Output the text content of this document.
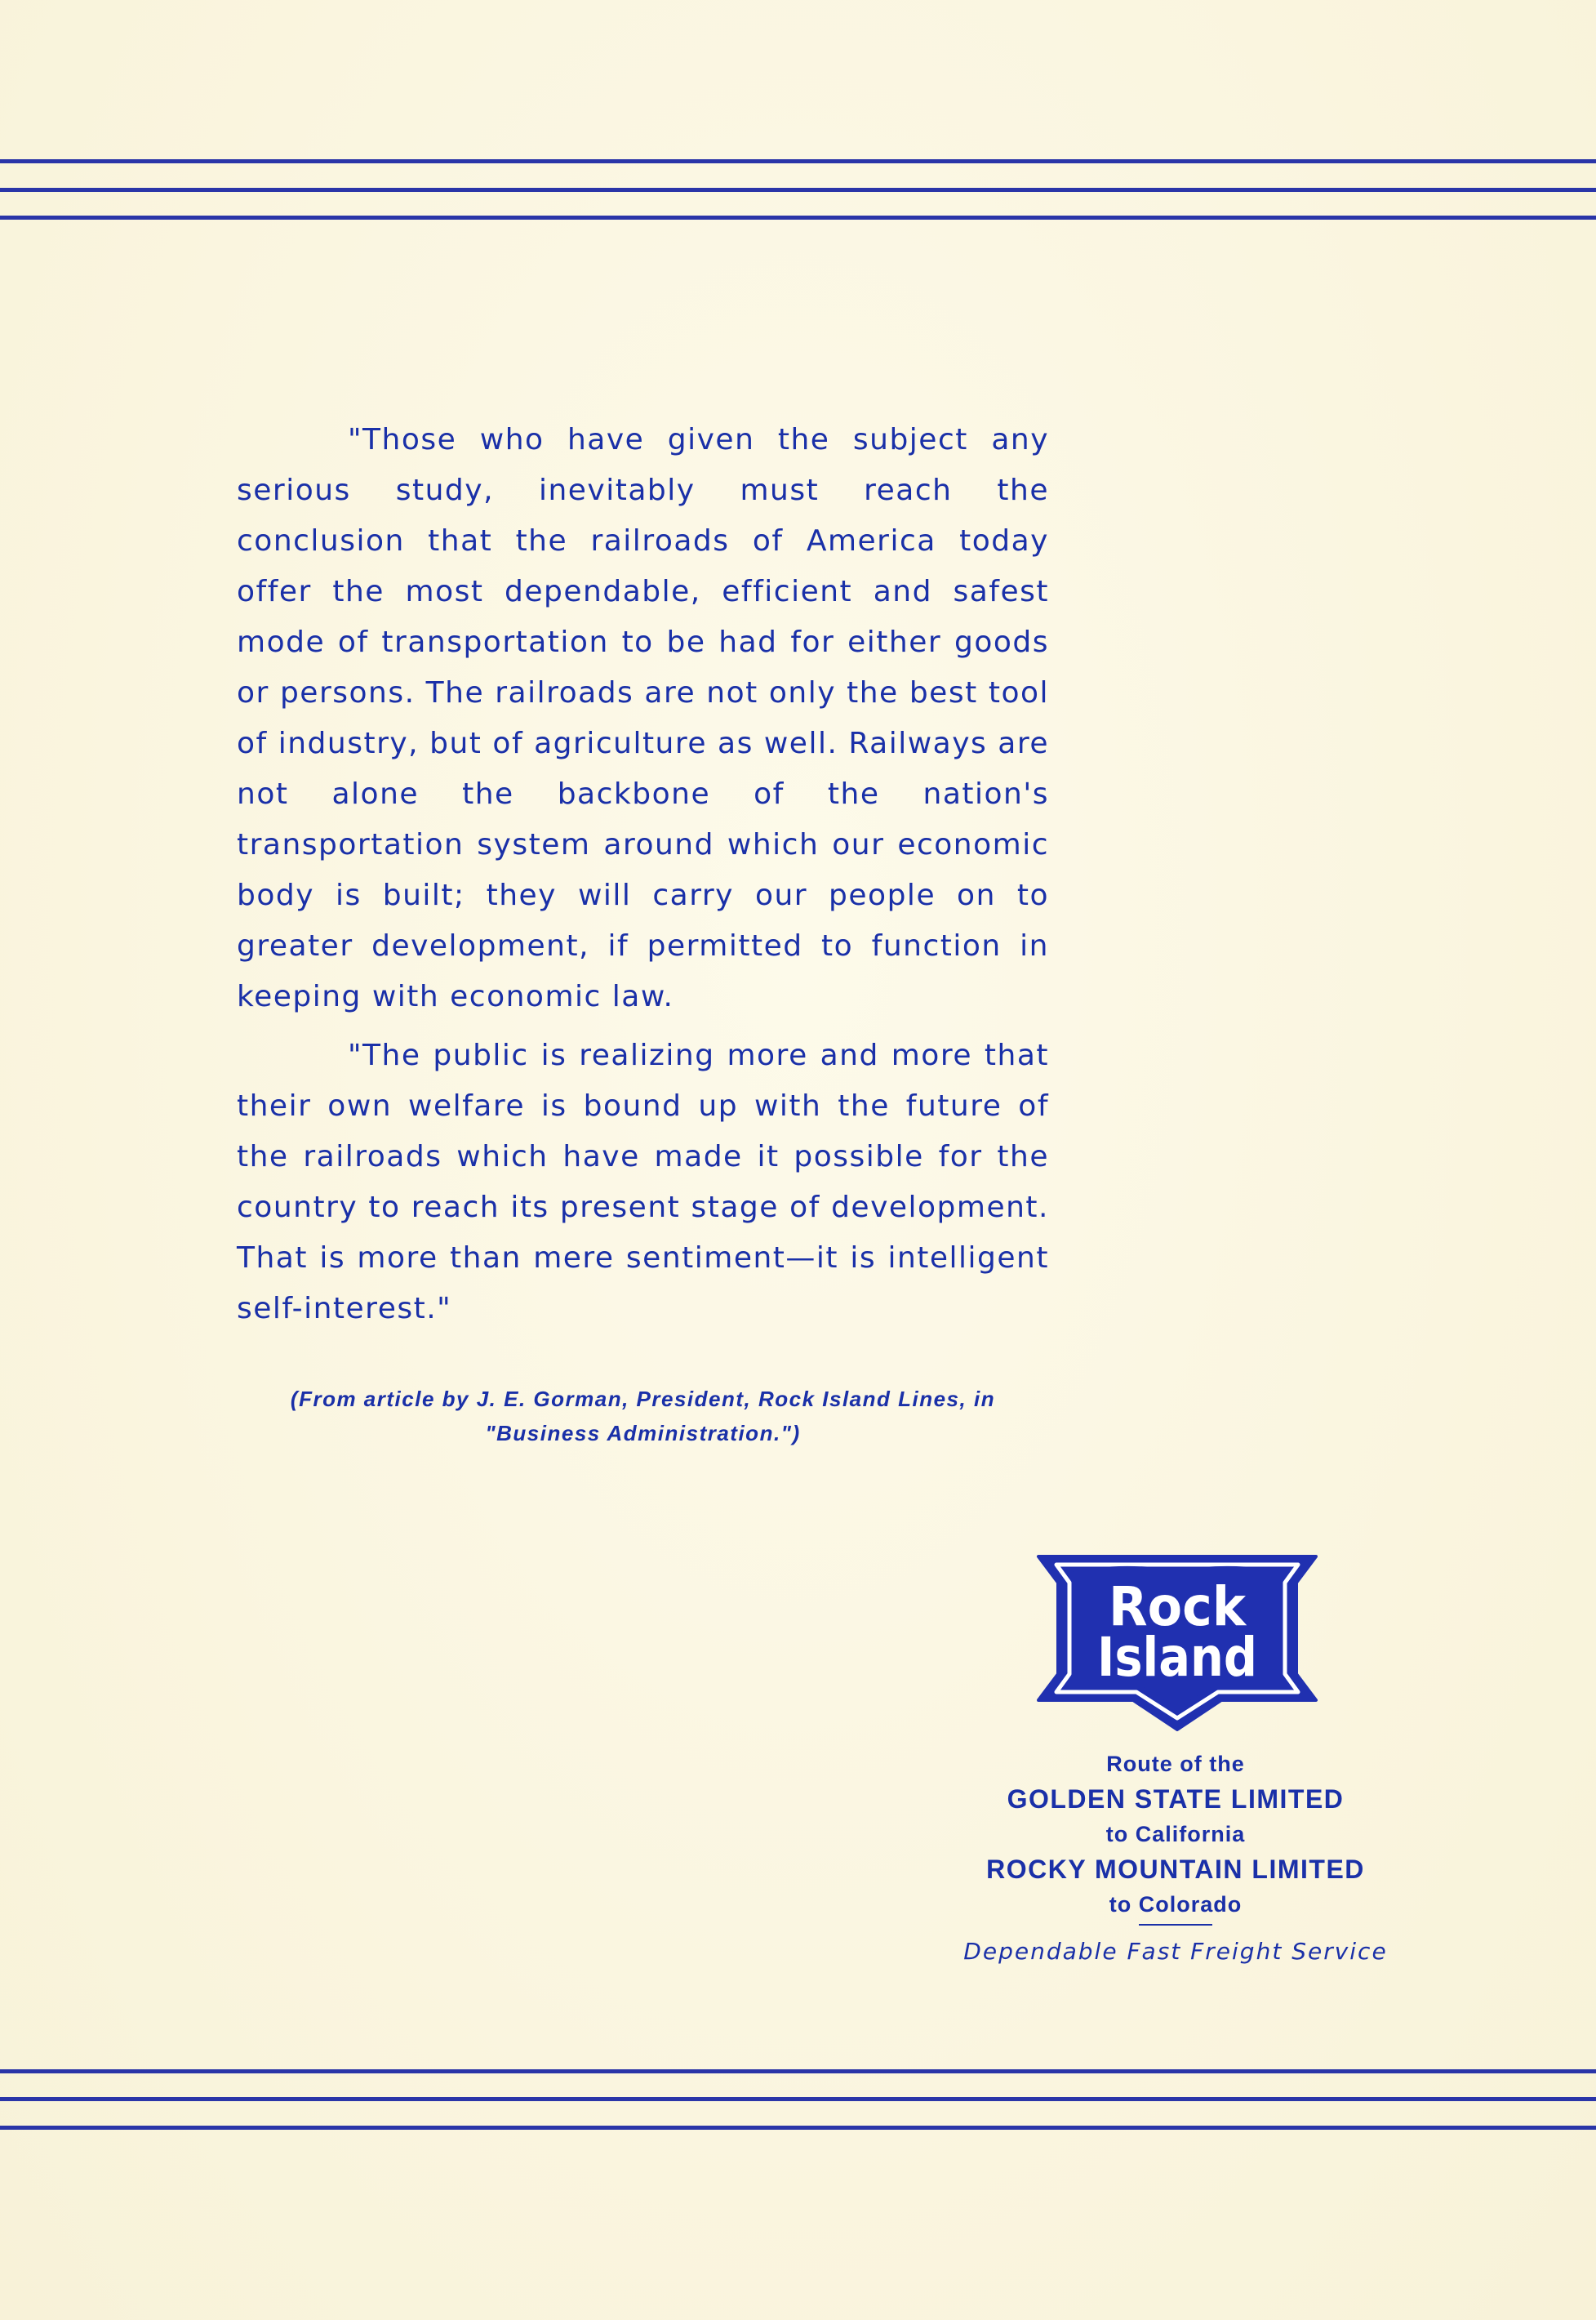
"Those who have given the subject any serious study, inevitably must reach the conclusion that the railroads of America today offer the most dependable, efficient and safest mode of transportation to be had for either goods or persons. The railroads are not only the best tool of industry, but of agriculture as well. Railways are not alone the backbone of the nation's transportation system around which our economic body is built; they will carry our people on to greater development, if permitted to function in keeping with economic law.

"The public is realizing more and more that their own welfare is bound up with the future of the railroads which have made it possible for the country to reach its present stage of development. That is more than mere sentiment—it is intelligent self-interest."

(From article by J. E. Gorman, President, Rock Island Lines, in
"Business Administration.")
Rock
Island
Route of the
GOLDEN STATE LIMITED
to California
ROCKY MOUNTAIN LIMITED
to Colorado
Dependable Fast Freight Service
